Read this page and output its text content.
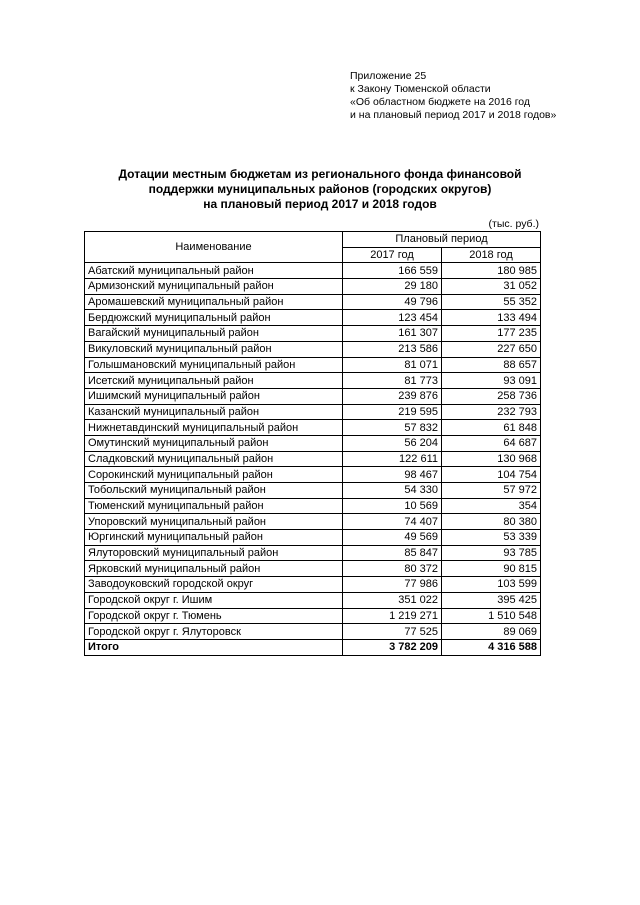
Приложение 25
к Закону Тюменской области
«Об областном бюджете на 2016 год
и на плановый период 2017 и 2018 годов»
Дотации местным бюджетам из регионального фонда финансовой
поддержки муниципальных районов (городских округов)
на плановый период 2017 и 2018 годов
(тыс. руб.)
Наименование	Плановый период	
	2017 год	2018 год
Абатский муниципальный район	166 559	180 985
Армизонский муниципальный район	29 180	31 052
Аромашевский муниципальный район	49 796	55 352
Бердюжский муниципальный район	123 454	133 494
Вагайский муниципальный район	161 307	177 235
Викуловский муниципальный район	213 586	227 650
Голышмановский муниципальный район	81 071	88 657
Исетский муниципальный район	81 773	93 091
Ишимский муниципальный район	239 876	258 736
Казанский муниципальный район	219 595	232 793
Нижнетавдинский муниципальный район	57 832	61 848
Омутинский муниципальный район	56 204	64 687
Сладковский муниципальный район	122 611	130 968
Сорокинский муниципальный район	98 467	104 754
Тобольский муниципальный район	54 330	57 972
Тюменский муниципальный район	10 569	354
Упоровский муниципальный район	74 407	80 380
Юргинский муниципальный район	49 569	53 339
Ялуторовский муниципальный район	85 847	93 785
Ярковский муниципальный район	80 372	90 815
Заводоуковский городской округ	77 986	103 599
Городской округ г. Ишим	351 022	395 425
Городской округ г. Тюмень	1 219 271	1 510 548
Городской округ г. Ялуторовск	77 525	89 069
Итого	3 782 209	4 316 588
